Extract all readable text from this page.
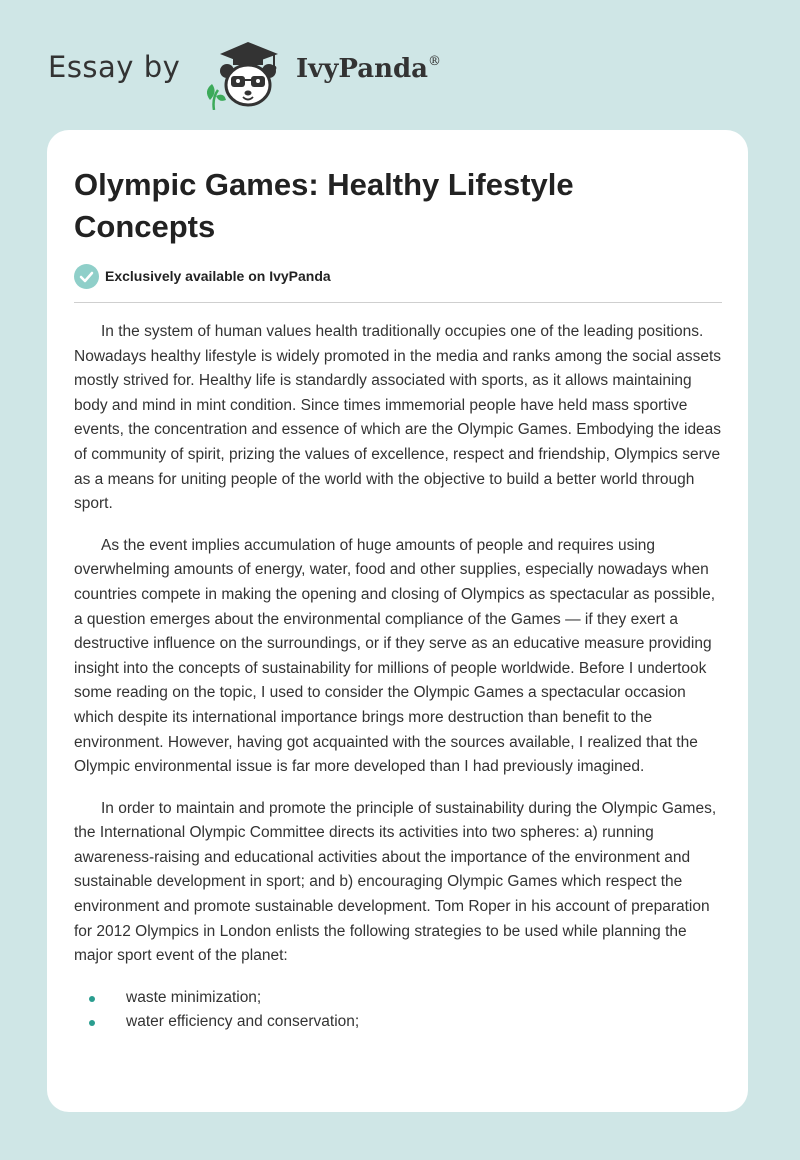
Essay by	IvyPanda®
Olympic Games: Healthy Lifestyle Concepts
Exclusively available on IvyPanda

In the system of human values health traditionally occupies one of the leading positions. Nowadays healthy lifestyle is widely promoted in the media and ranks among the social assets mostly strived for. Healthy life is standardly associated with sports, as it allows maintaining body and mind in mint condition. Since times immemorial people have held mass sportive events, the concentration and essence of which are the Olympic Games. Embodying the ideas of community of spirit, prizing the values of excellence, respect and friendship, Olympics serve as a means for uniting people of the world with the objective to build a better world through sport.

As the event implies accumulation of huge amounts of people and requires using overwhelming amounts of energy, water, food and other supplies, especially nowadays when countries compete in making the opening and closing of Olympics as spectacular as possible, a question emerges about the environmental compliance of the Games — if they exert a destructive influence on the surroundings, or if they serve as an educative measure providing insight into the concepts of sustainability for millions of people worldwide. Before I undertook some reading on the topic, I used to consider the Olympic Games a spectacular occasion which despite its international importance brings more destruction than benefit to the environment. However, having got acquainted with the sources available, I realized that the Olympic environmental issue is far more developed than I had previously imagined.

In order to maintain and promote the principle of sustainability during the Olympic Games, the International Olympic Committee directs its activities into two spheres: a) running awareness-raising and educational activities about the importance of the environment and sustainable development in sport; and b) encouraging Olympic Games which respect the environment and promote sustainable development. Tom Roper in his account of preparation for 2012 Olympics in London enlists the following strategies to be used while planning the major sport event of the planet:

waste minimization;
water efficiency and conservation;
